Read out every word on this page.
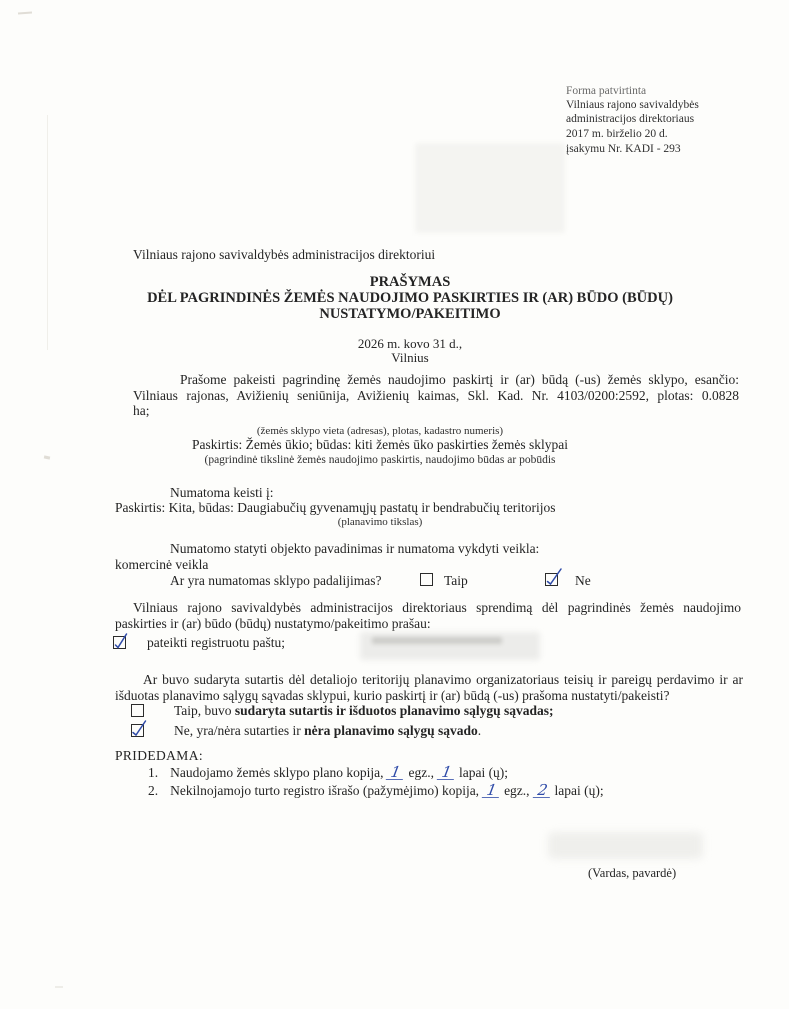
Forma patvirtinta
Vilniaus rajono savivaldybės
administracijos direktoriaus
2017 m. birželio 20 d.
įsakymu Nr. KADI - 293
Vilniaus rajono savivaldybės administracijos direktoriui
PRAŠYMAS
DĖL PAGRINDINĖS ŽEMĖS NAUDOJIMO PASKIRTIES IR (AR) BŪDO (BŪDŲ)
NUSTATYMO/PAKEITIMO
2026 m. kovo 31 d.,
Vilnius
Prašome pakeisti pagrindinę žemės naudojimo paskirtį ir (ar) būdą (-us) žemės sklypo, esančio:
Vilniaus rajonas, Avižienių seniūnija, Avižienių kaimas, Skl. Kad. Nr. 4103/0200:2592, plotas: 0.0828
ha;
(žemės sklypo vieta (adresas), plotas, kadastro numeris)
Paskirtis: Žemės ūkio; būdas: kiti žemės ūko paskirties žemės sklypai
(pagrindinė tikslinė žemės naudojimo paskirtis, naudojimo būdas ar pobūdis
Numatoma keisti į:
Paskirtis: Kita, būdas: Daugiabučių gyvenamųjų pastatų ir bendrabučių teritorijos
(planavimo tikslas)
Numatomo statyti objekto pavadinimas ir numatoma vykdyti veikla:
komercinė veikla
Ar yra numatomas sklypo padalijimas?	Taip	Ne
Vilniaus rajono savivaldybės administracijos direktoriaus sprendimą dėl pagrindinės žemės naudojimo
paskirties ir (ar) būdo (būdų) nustatymo/pakeitimo prašau:
pateikti registruotu paštu;
Ar buvo sudaryta sutartis dėl detaliojo teritorijų planavimo organizatoriaus teisių ir pareigų perdavimo ir ar
išduotas planavimo sąlygų sąvadas sklypui, kurio paskirtį ir (ar) būdą (-us) prašoma nustatyti/pakeisti?
Taip, buvo sudaryta sutartis ir išduotos planavimo sąlygų sąvadas;
Ne, yra/nėra sutarties ir nėra planavimo sąlygų sąvado.
PRIDEDAMA:
1. Naudojamo žemės sklypo plano kopija, 1 egz., 1 lapai (ų);
2. Nekilnojamojo turto registro išrašo (pažymėjimo) kopija, 1 egz., 2 lapai (ų);
(Vardas, pavardė)
